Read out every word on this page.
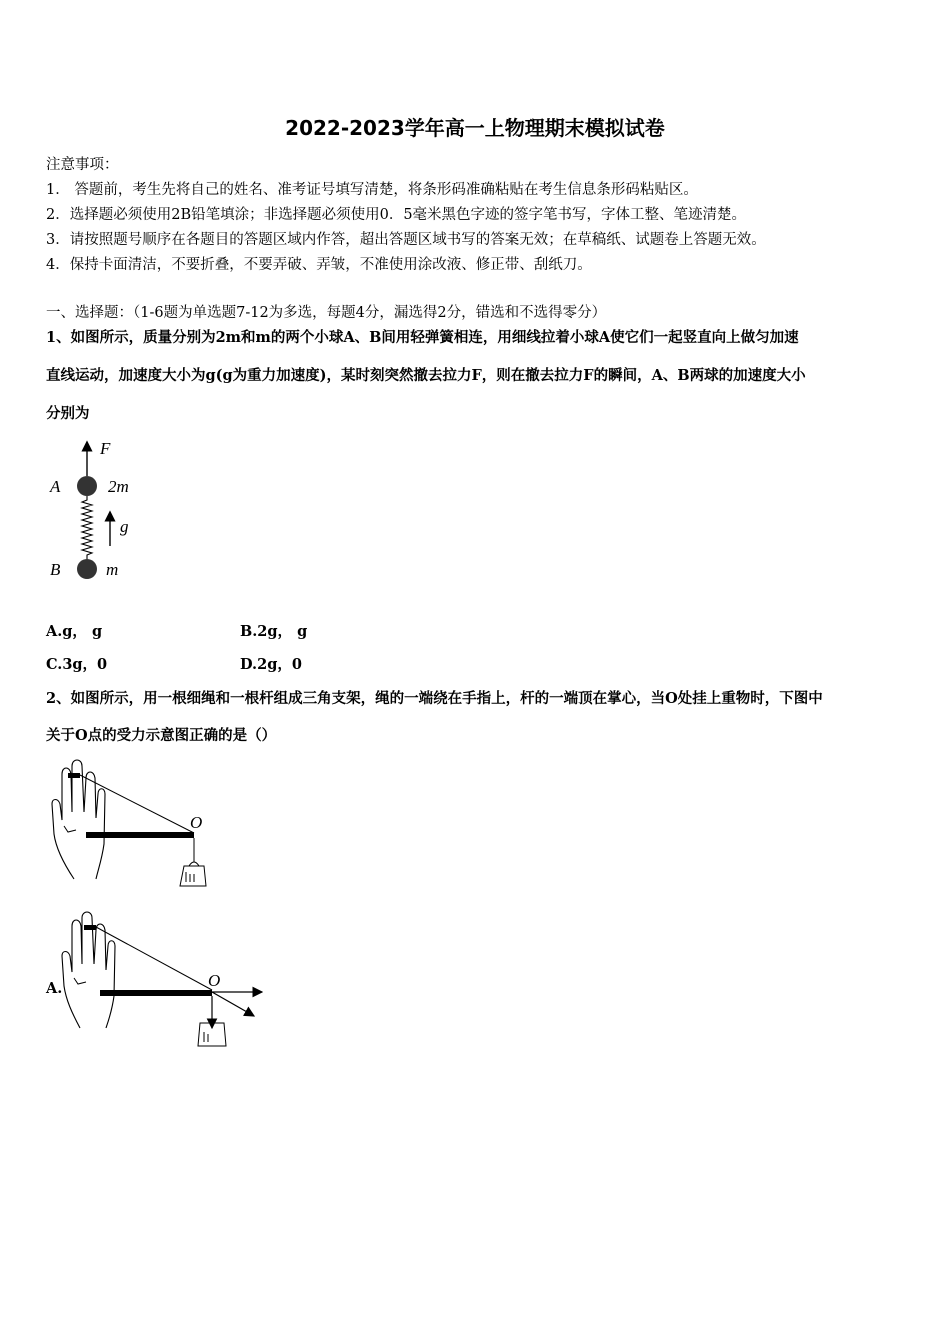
2022-2023学年高一上物理期末模拟试卷
注意事项：
1． 答题前，考生先将自己的姓名、准考证号填写清楚，将条形码准确粘贴在考生信息条形码粘贴区。
2．选择题必须使用2B铅笔填涂；非选择题必须使用0．5毫米黑色字迹的签字笔书写，字体工整、笔迹清楚。
3．请按照题号顺序在各题目的答题区域内作答，超出答题区域书写的答案无效；在草稿纸、试题卷上答题无效。
4．保持卡面清洁，不要折叠，不要弄破、弄皱，不准使用涂改液、修正带、刮纸刀。
一、选择题：（1-6题为单选题7-12为多选，每题4分，漏选得2分，错选和不选得零分）
1、如图所示，质量分别为2m和m的两个小球A、B间用轻弹簧相连，用细线拉着小球A使它们一起竖直向上做匀加速
直线运动，加速度大小为g(g为重力加速度)，某时刻突然撤去拉力F，则在撤去拉力F的瞬间，A、B两球的加速度大小
分别为
F
A	2m
g
B	m
A.g， g	B.2g， g
C.3g，0	D.2g，0
2、如图所示，用一根细绳和一根杆组成三角支架，绳的一端绕在手指上，杆的一端顶在掌心，当O处挂上重物时，下图中
关于O点的受力示意图正确的是（）
O
A.	O
